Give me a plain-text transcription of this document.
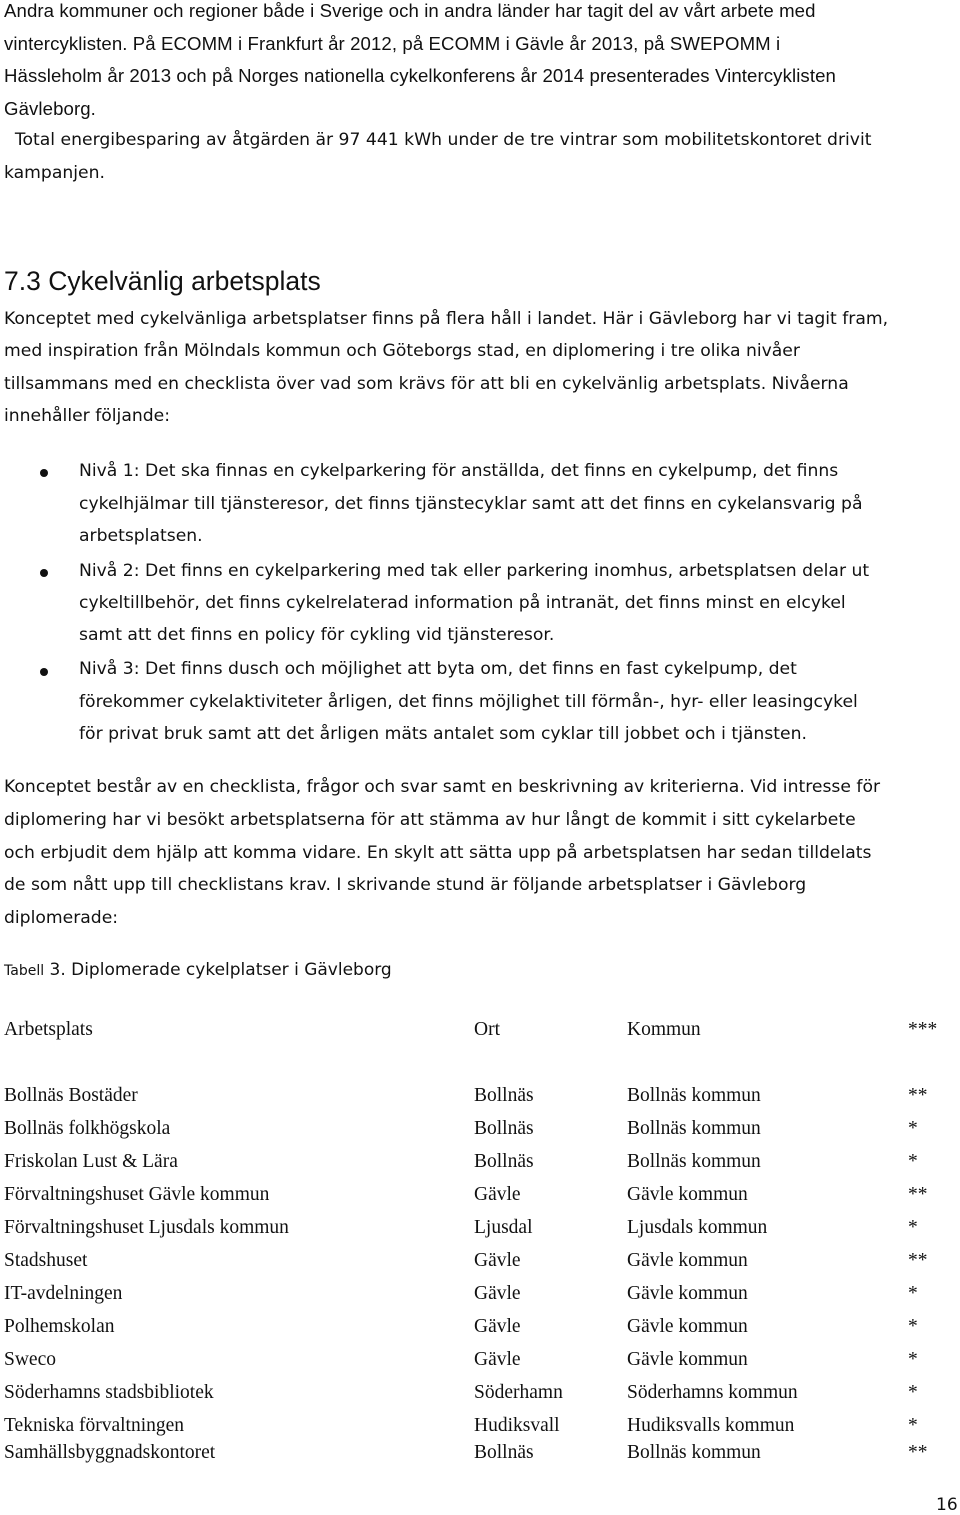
Andra kommuner och regioner både i Sverige och in andra länder har tagit del av vårt arbete med
vintercyklisten. På ECOMM i Frankfurt år 2012, på ECOMM i Gävle år 2013, på SWEPOMM i
Hässleholm år 2013 och på Norges nationella cykelkonferens år 2014 presenterades Vintercyklisten
Gävleborg.
Total energibesparing av åtgärden är 97 441 kWh under de tre vintrar som mobilitetskontoret drivit
kampanjen.
7.3 Cykelvänlig arbetsplats
Konceptet med cykelvänliga arbetsplatser finns på flera håll i landet. Här i Gävleborg har vi tagit fram,
med inspiration från Mölndals kommun och Göteborgs stad, en diplomering i tre olika nivåer
tillsammans med en checklista över vad som krävs för att bli en cykelvänlig arbetsplats. Nivåerna
innehåller följande:
Nivå 1: Det ska finnas en cykelparkering för anställda, det finns en cykelpump, det finns
cykelhjälmar till tjänsteresor, det finns tjänstecyklar samt att det finns en cykelansvarig på
arbetsplatsen.
Nivå 2: Det finns en cykelparkering med tak eller parkering inomhus, arbetsplatsen delar ut
cykeltillbehör, det finns cykelrelaterad information på intranät, det finns minst en elcykel
samt att det finns en policy för cykling vid tjänsteresor.
Nivå 3: Det finns dusch och möjlighet att byta om, det finns en fast cykelpump, det
förekommer cykelaktiviteter årligen, det finns möjlighet till förmån-, hyr- eller leasingcykel
för privat bruk samt att det årligen mäts antalet som cyklar till jobbet och i tjänsten.
Konceptet består av en checklista, frågor och svar samt en beskrivning av kriterierna. Vid intresse för
diplomering har vi besökt arbetsplatserna för att stämma av hur långt de kommit i sitt cykelarbete
och erbjudit dem hjälp att komma vidare. En skylt att sätta upp på arbetsplatsen har sedan tilldelats
de som nått upp till checklistans krav. I skrivande stund är följande arbetsplatser i Gävleborg
diplomerade:
Tabell 3. Diplomerade cykelplatser i Gävleborg
Arbetsplats	Ort	Kommun	***
Bollnäs Bostäder	Bollnäs	Bollnäs kommun	**
Bollnäs folkhögskola	Bollnäs	Bollnäs kommun	*
Friskolan Lust & Lära	Bollnäs	Bollnäs kommun	*
Förvaltningshuset Gävle kommun	Gävle	Gävle kommun	**
Förvaltningshuset Ljusdals kommun	Ljusdal	Ljusdals kommun	*
Stadshuset	Gävle	Gävle kommun	**
IT-avdelningen	Gävle	Gävle kommun	*
Polhemskolan	Gävle	Gävle kommun	*
Sweco	Gävle	Gävle kommun	*
Söderhamns stadsbibliotek	Söderhamn	Söderhamns kommun	*
Tekniska förvaltningen	Hudiksvall	Hudiksvalls kommun	*
Samhällsbyggnadskontoret	Bollnäs	Bollnäs kommun	**
16
